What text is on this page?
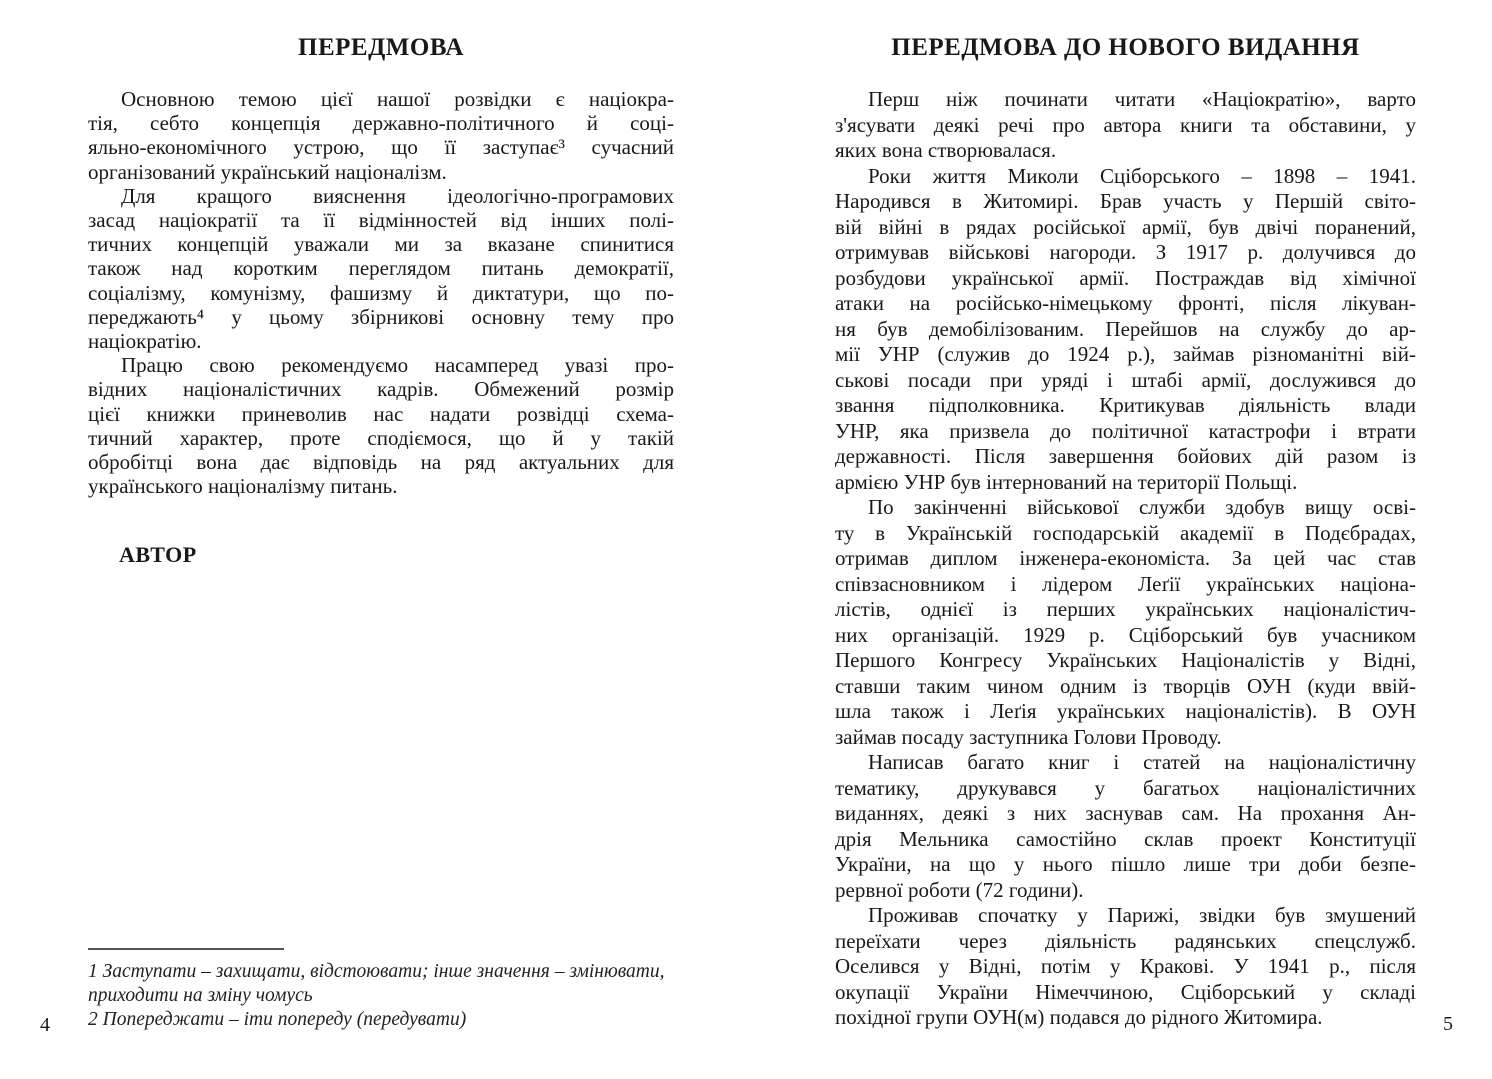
ПЕРЕДМОВА

Основною темою цієї нашої розвідки є націокра-
тія, себто концепція державно-політичного й соці-
яльно-економічного устрою, що її заступає³ сучасний
організований український націоналізм.

Для кращого вияснення ідеологічно-програмових
засад націократії та її відмінностей від інших полі-
тичних концепцій уважали ми за вказане спинитися
також над коротким переглядом питань демократії,
соціалізму, комунізму, фашизму й диктатури, що по-
переджають⁴ у цьому збірникові основну тему про
націократію.

Працю свою рекомендуємо насамперед увазі про-
відних націоналістичних кадрів. Обмежений розмір
цієї книжки приневолив нас надати розвідці схема-
тичний характер, проте сподіємося, що й у такій
обробітці вона дає відповідь на ряд актуальних для
українського націоналізму питань.

АВТОР
1 Заступати – захищати, відстоювати; інше значення – змінювати,
приходити на зміну чомусь
2 Попереджати – іти попереду (передувати)
ПЕРЕДМОВА ДО НОВОГО ВИДАННЯ

Перш ніж починати читати «Націократію», варто
з'ясувати деякі речі про автора книги та обставини, у
яких вона створювалася.

Роки життя Миколи Сціборського – 1898 – 1941.
Народився в Житомирі. Брав участь у Першій світо-
вій війні в рядах російської армії, був двічі поранений,
отримував військові нагороди. З 1917 р. долучився до
розбудови української армії. Постраждав від хімічної
атаки на російсько-німецькому фронті, після лікуван-
ня був демобілізованим. Перейшов на службу до ар-
мії УНР (служив до 1924 р.), займав різноманітні вій-
ськові посади при уряді і штабі армії, дослужився до
звання підполковника. Критикував діяльність влади
УНР, яка призвела до політичної катастрофи і втрати
державності. Після завершення бойових дій разом із
армією УНР був інтернований на території Польщі.

По закінченні військової служби здобув вищу осві-
ту в Українській господарській академії в Подєбрадах,
отримав диплом інженера-економіста. За цей час став
співзасновником і лідером Леґії українських націона-
лістів, однієї із перших українських націоналістич-
них організацій. 1929 р. Сціборський був учасником
Першого Конгресу Українських Націоналістів у Відні,
ставши таким чином одним із творців ОУН (куди ввій-
шла також і Леґія українських націоналістів). В ОУН
займав посаду заступника Голови Проводу.

Написав багато книг і статей на націоналістичну
тематику, друкувався у багатьох націоналістичних
виданнях, деякі з них заснував сам. На прохання Ан-
дрія Мельника самостійно склав проект Конституції
України, на що у нього пішло лише три доби безпе-
рервної роботи (72 години).

Проживав спочатку у Парижі, звідки був змушений
переїхати через діяльність радянських спецслужб.
Оселився у Відні, потім у Кракові. У 1941 р., після
окупації України Німеччиною, Сціборський у складі
похідної групи ОУН(м) подався до рідного Житомира.

4	5
